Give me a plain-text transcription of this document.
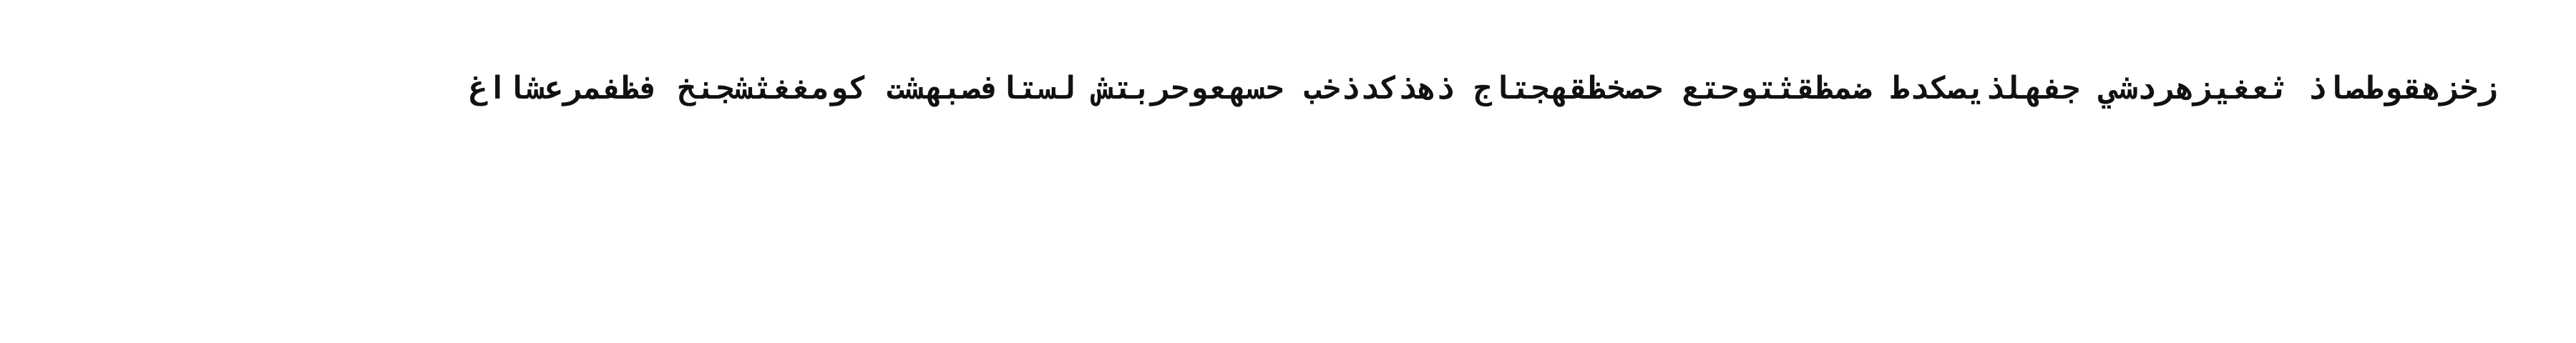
زخزهقوطصاذ ثعغيزهردشي جفهلذيصكدط ضمظقثتوحتع حصخظقهجتاج ذهذكدذخب حسهعوحربتش لستافصبهشت كومغغثشجنخ فظفمرعشااغ
